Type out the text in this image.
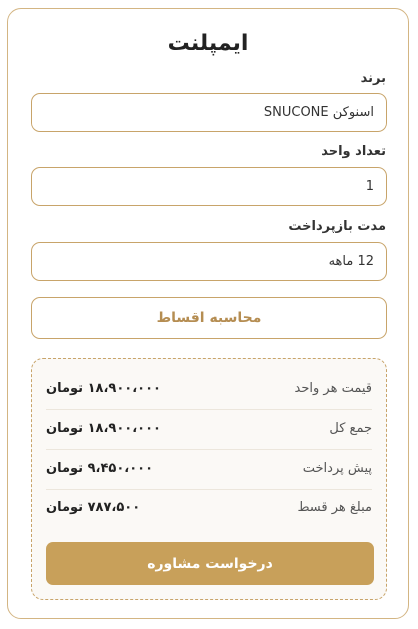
ایمپلنت
برند
اسنوکن SNUCONE
تعداد واحد
1
مدت بازپرداخت
12 ماهه
محاسبه اقساط
قیمت هر واحد
۱۸،۹۰۰،۰۰۰ تومان
جمع کل
۱۸،۹۰۰،۰۰۰ تومان
پیش پرداخت
۹،۴۵۰،۰۰۰ تومان
مبلغ هر قسط
۷۸۷،۵۰۰ تومان
درخواست مشاوره
